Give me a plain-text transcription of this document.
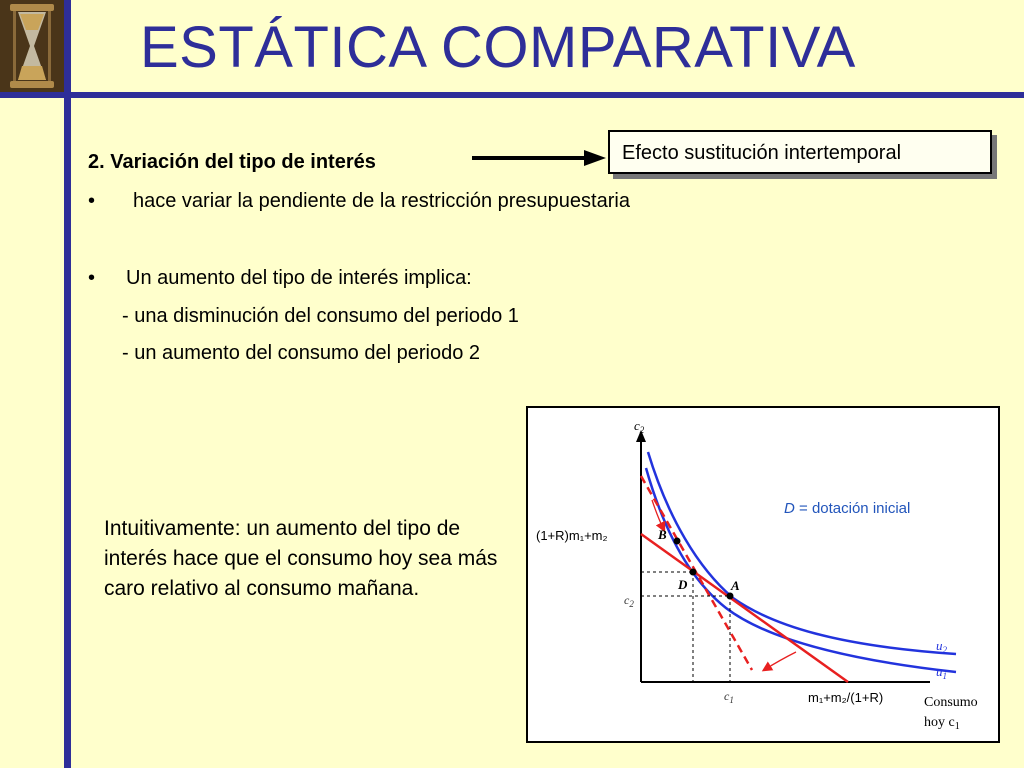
ESTÁTICA COMPARATIVA
2. Variación del tipo de interés	Efecto sustitución intertemporal
• hace variar la pendiente de la restricción presupuestaria
• Un aumento del tipo de interés implica:
- una disminución del consumo del periodo 1
- un aumento del consumo del periodo 2
Intuitivamente: un aumento del tipo de interés hace que el consumo hoy sea más caro relativo al consumo mañana.
$c_2$
Consumo
hoy $c_1$
D = dotación inicial
B
D	A
(1+R)m₁+m₂
$c_2$
$c_1$	m₁+m₂/(1+R)
$u_2$
$u_1$
